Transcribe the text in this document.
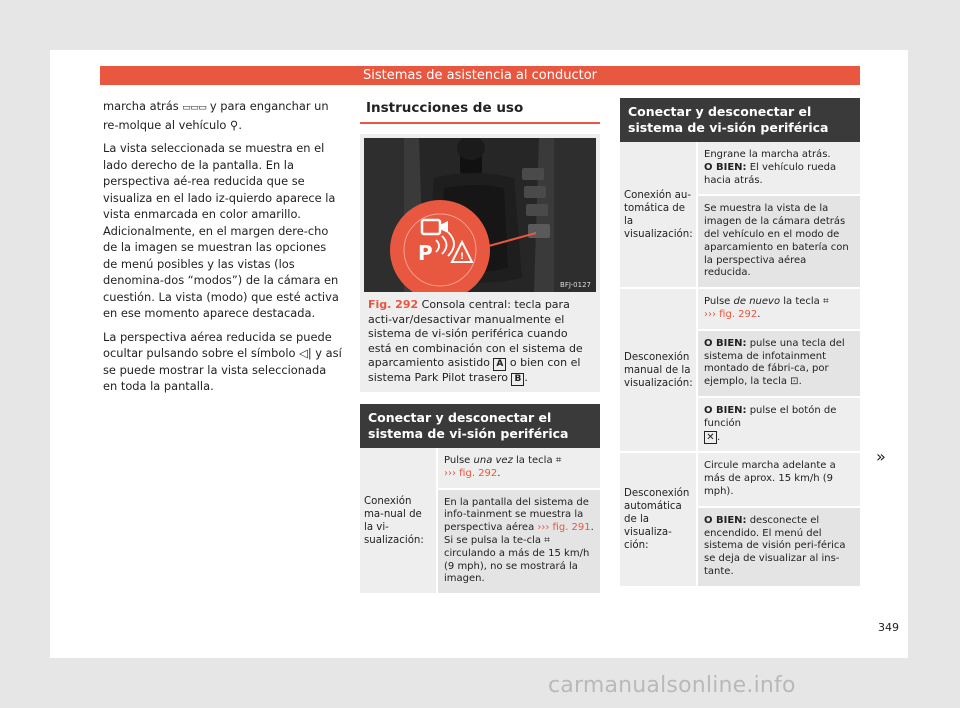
Sistemas de asistencia al conductor

marcha atrás ▭▭▭ y para enganchar un re-molque al vehículo ⚲.

La vista seleccionada se muestra en el lado derecho de la pantalla. En la perspectiva aé-rea reducida que se visualiza en el lado iz-quierdo aparece la vista enmarcada en color amarillo. Adicionalmente, en el margen dere-cho de la imagen se muestran las opciones de menú posibles y las vistas (los denomina-dos “modos”) de la cámara en cuestión. La vista (modo) que esté activa en ese momento aparece destacada.

La perspectiva aérea reducida se puede ocultar pulsando sobre el símbolo ◁| y así se puede mostrar la vista seleccionada en toda la pantalla.

Instrucciones de uso
P	!
BFJ-0127
Fig. 292 Consola central: tecla para acti-var/desactivar manualmente el sistema de vi-sión periférica cuando está en combinación con el sistema de aparcamiento asistido A o bien con el sistema Park Pilot trasero B .
Conectar y desconectar el sistema de vi-sión periférica
Conexión ma-nual de la vi-sualización:
Pulse una vez la tecla ⌗
››› fig. 292.
En la pantalla del sistema de info-tainment se muestra la perspectiva aérea ››› fig. 291. Si se pulsa la te-cla ⌗ circulando a más de 15 km/h (9 mph), no se mostrará la imagen.
Conectar y desconectar el sistema de vi-sión periférica
Conexión au-tomática de la visualización:
Engrane la marcha atrás.
O BIEN: El vehículo rueda hacia atrás.
Se muestra la vista de la imagen de la cámara detrás del vehículo en el modo de aparcamiento en batería con la perspectiva aérea reducida.
Desconexión manual de la visualización:
Pulse de nuevo la tecla ⌗
››› fig. 292.
O BIEN: pulse una tecla del sistema de infotainment montado de fábri-ca, por ejemplo, la tecla ⊡.
O BIEN: pulse el botón de función
✕ .
Desconexión automática de la visualiza-ción:
Circule marcha adelante a más de aprox. 15 km/h (9 mph).
O BIEN: desconecte el encendido. El menú del sistema de visión peri-férica se deja de visualizar al ins-tante.
»
349
carmanualsonline.info
